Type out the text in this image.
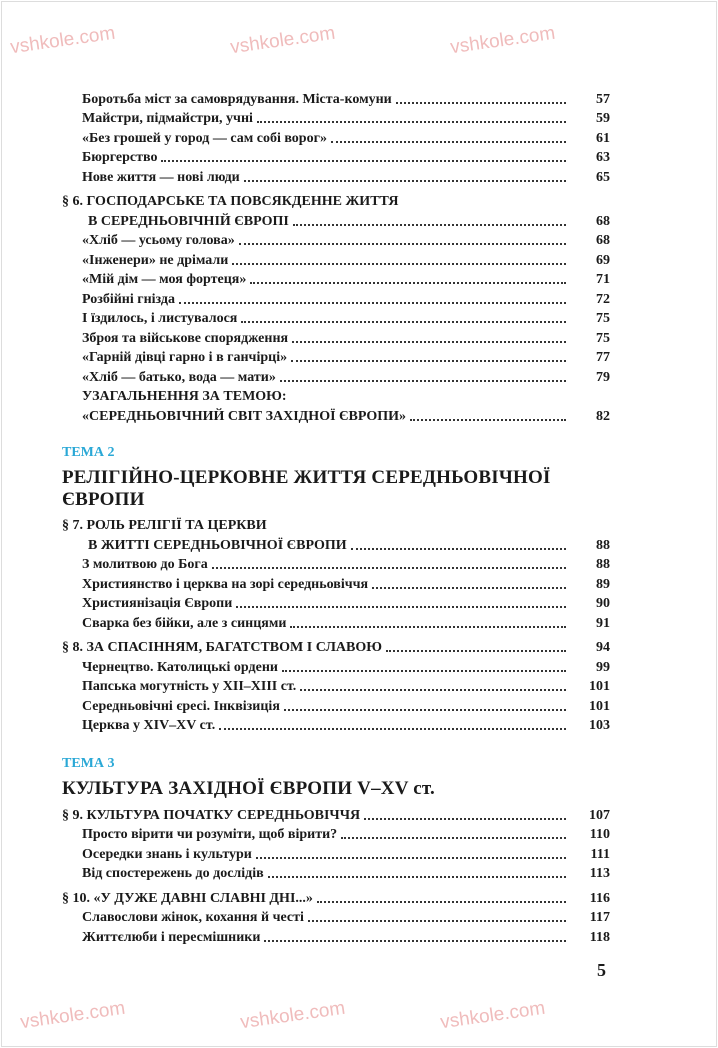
vshkole.com	vshkole.com	vshkole.com
vshkole.com	vshkole.com	vshkole.com
Боротьба міст за самоврядування. Міста-комуни	57
Майстри, підмайстри, учні	59
«Без грошей у город — сам собі ворог»	61
Бюргерство	63
Нове життя — нові люди	65
§ 6. ГОСПОДАРСЬКЕ ТА ПОВСЯКДЕННЕ ЖИТТЯ
В СЕРЕДНЬОВІЧНІЙ ЄВРОПІ	68
«Хліб — усьому голова»	68
«Інженери» не дрімали	69
«Мій дім — моя фортеця»	71
Розбійні гнізда	72
І їздилось, і листувалося	75
Зброя та військове спорядження	75
«Гарній дівці гарно і в ганчірці»	77
«Хліб — батько, вода — мати»	79
УЗАГАЛЬНЕННЯ ЗА ТЕМОЮ:
«СЕРЕДНЬОВІЧНИЙ СВІТ ЗАХІДНОЇ ЄВРОПИ»	82
ТЕМА 2
РЕЛІГІЙНО-ЦЕРКОВНЕ ЖИТТЯ СЕРЕДНЬОВІЧНОЇ
ЄВРОПИ
§ 7. РОЛЬ РЕЛІГІЇ ТА ЦЕРКВИ
В ЖИТТІ СЕРЕДНЬОВІЧНОЇ ЄВРОПИ	88
З молитвою до Бога	88
Християнство і церква на зорі середньовіччя	89
Християнізація Європи	90
Сварка без бійки, але з синцями	91
§ 8. ЗА СПАСІННЯМ, БАГАТСТВОМ І СЛАВОЮ	94
Чернецтво. Католицькі ордени	99
Папська могутність у XII–XIII ст.	101
Середньовічні єресі. Інквізиція	101
Церква у XIV–XV ст.	103
ТЕМА 3
КУЛЬТУРА ЗАХІДНОЇ ЄВРОПИ V–XV ст.
§ 9. КУЛЬТУРА ПОЧАТКУ СЕРЕДНЬОВІЧЧЯ	107
Просто вірити чи розуміти, щоб вірити?	110
Осередки знань і культури	111
Від спостережень до дослідів	113
§ 10. «У ДУЖЕ ДАВНІ СЛАВНІ ДНІ...»	116
Славослови жінок, кохання й честі	117
Життєлюби і пересмішники	118
5
